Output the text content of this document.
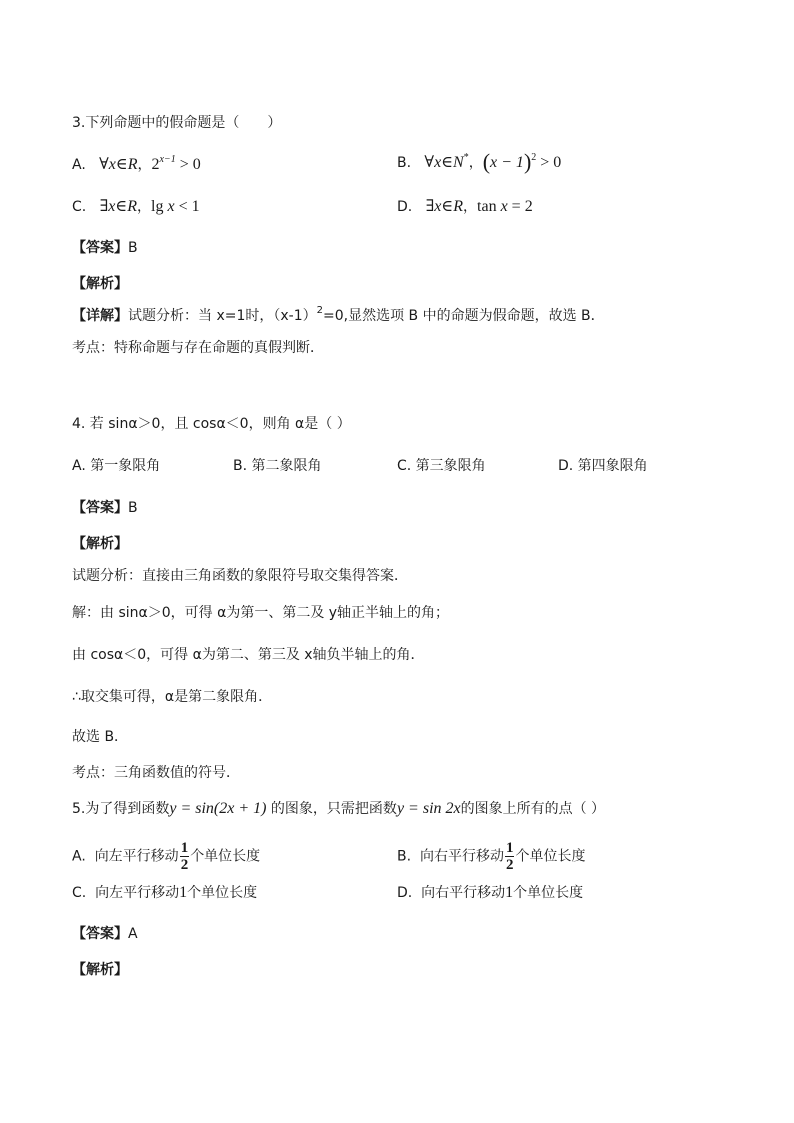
3.下列命题中的假命题是（　　）
A. ∀x∈R，$2^{x-1} > 0$	B. ∀x∈N*，$(x - 1)^2 > 0$
C. ∃x∈R，lg x < 1	D. ∃x∈R，tan x = 2
【答案】B
【解析】
【详解】试题分析：当 x=1时，$(x-1)^2=0$,显然选项 B 中的命题为假命题，故选 B．
考点：特称命题与存在命题的真假判断．
4. 若 sinα＞0，且 cosα＜0，则角 α是（ ）
A. 第一象限角	B. 第二象限角	C. 第三象限角	D. 第四象限角
【答案】B
【解析】
试题分析：直接由三角函数的象限符号取交集得答案．
解：由 sinα＞0，可得 α为第一、第二及 y轴正半轴上的角；
由 cosα＜0，可得 α为第二、第三及 x轴负半轴上的角．
∴取交集可得，α是第二象限角．
故选 B．
考点：三角函数值的符号．
5.为了得到函数y = sin(2x + 1) 的图象，只需把函数y = sin 2x的图象上所有的点（ ）
A. 向左平行移动 $\frac{1}{2}$ 个单位长度	B. 向右平行移动 $\frac{1}{2}$ 个单位长度
C. 向左平行移动1个单位长度	D. 向右平行移动1个单位长度
【答案】A
【解析】
